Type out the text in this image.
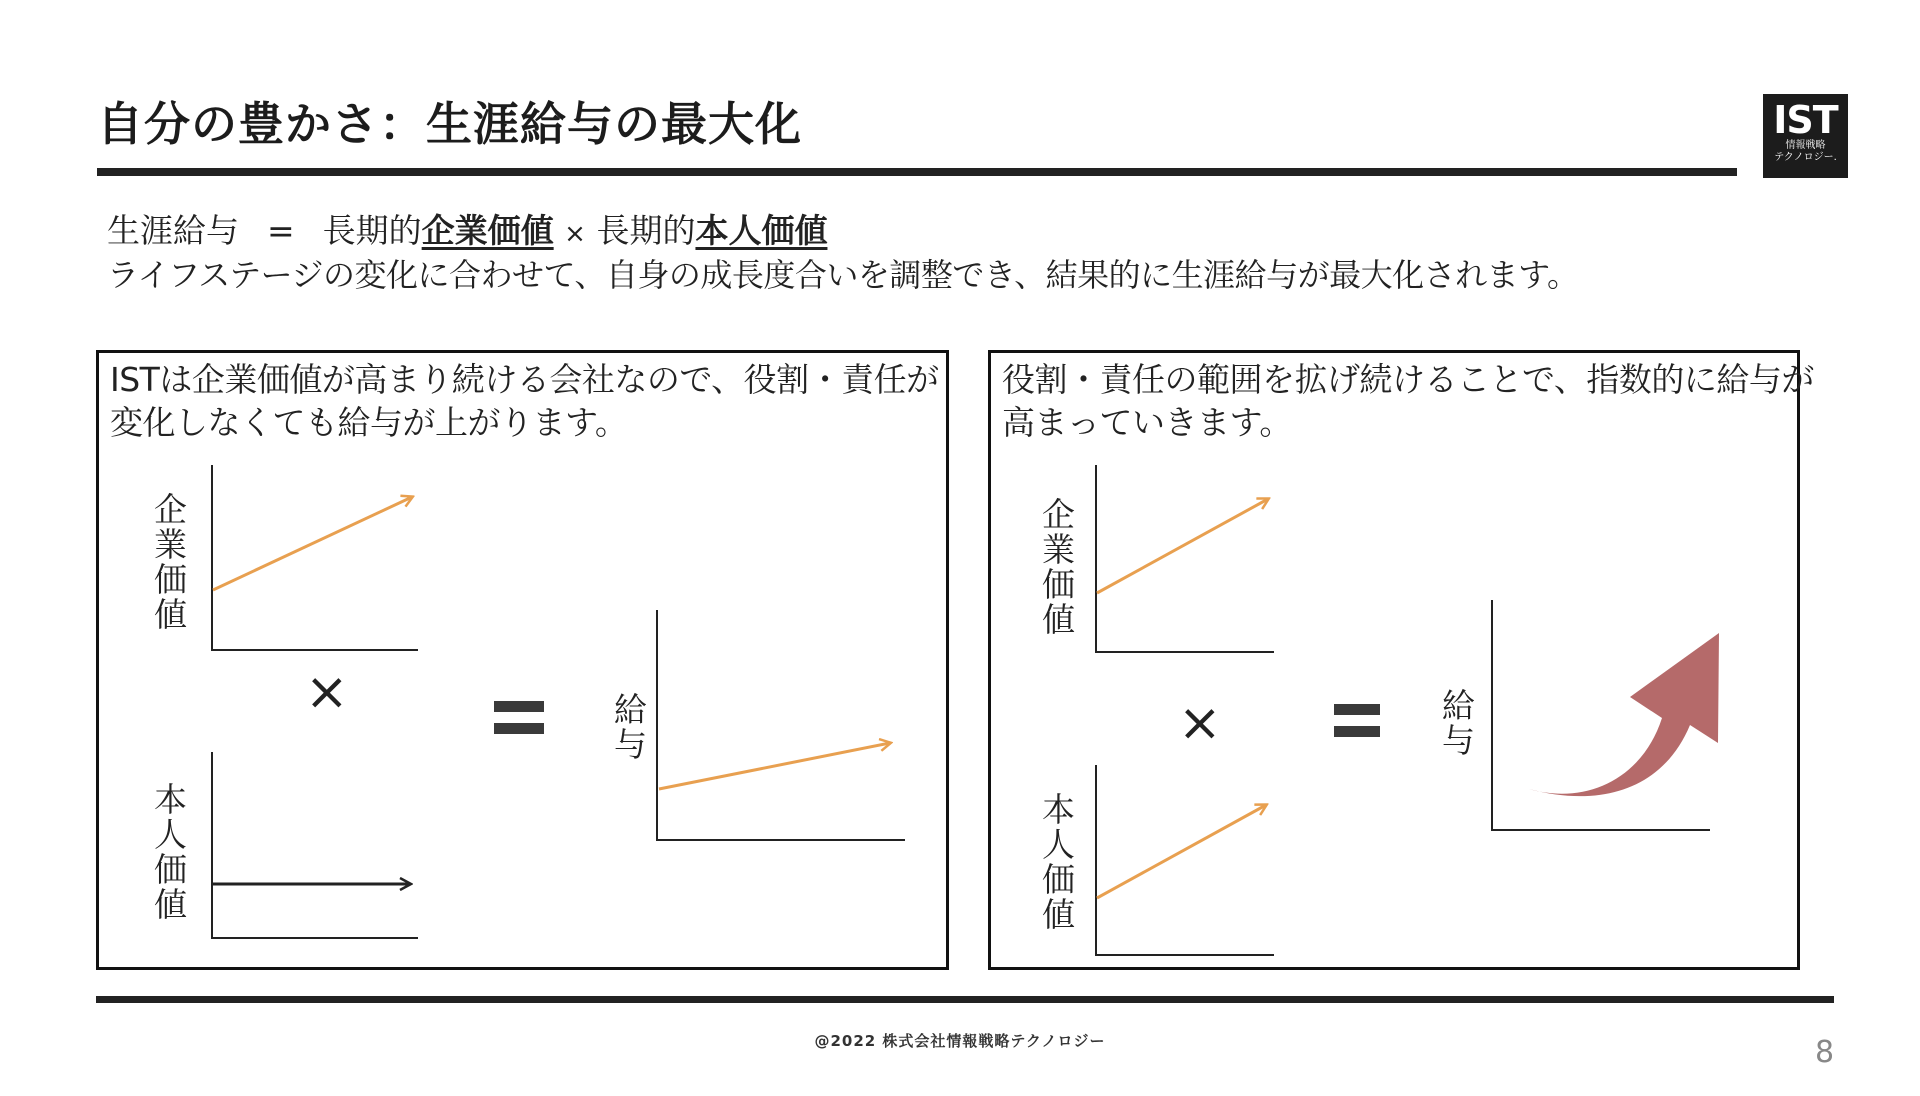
自分の豊かさ：生涯給与の最大化	IST
情報戦略
テクノロジー.
生涯給与 = 長期的企業価値 × 長期的本人価値
ライフステージの変化に合わせて、自身の成長度合いを調整でき、結果的に生涯給与が最大化されます。
ISTは企業価値が高まり続ける会社なので、役割・責任が
変化しなくても給与が上がります。
企業価値
本人価値
給与
×
役割・責任の範囲を拡げ続けることで、指数的に給与が
高まっていきます。
企業価値
本人価値
給与
×
@2022 株式会社情報戦略テクノロジー	8
